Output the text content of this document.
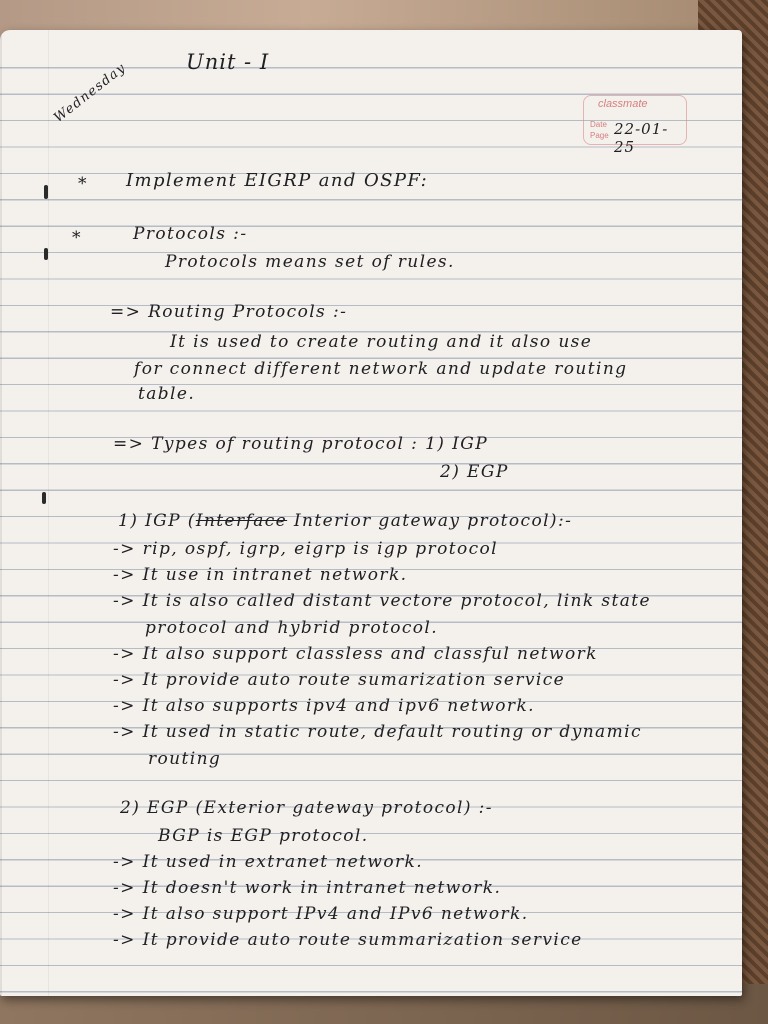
Unit - I
Wednesday	classmate
Date
Page 22-01-25
* Implement EIGRP and OSPF:
*	Protocols :-
Protocols means set of rules.
=> Routing Protocols :-
It is used to create routing and it also use
for connect different network and update routing
table.
=> Types of routing protocol : 1) IGP
2) EGP
1) IGP (Interface Interior gateway protocol):-
-> rip, ospf, igrp, eigrp is igp protocol
-> It use in intranet network.
-> It is also called distant vectore protocol, link state
protocol and hybrid protocol.
-> It also support classless and classful network
-> It provide auto route sumarization service
-> It also supports ipv4 and ipv6 network.
-> It used in static route, default routing or dynamic
routing
2) EGP (Exterior gateway protocol) :-
BGP is EGP protocol.
-> It used in extranet network.
-> It doesn't work in intranet network.
-> It also support IPv4 and IPv6 network.
-> It provide auto route summarization service
